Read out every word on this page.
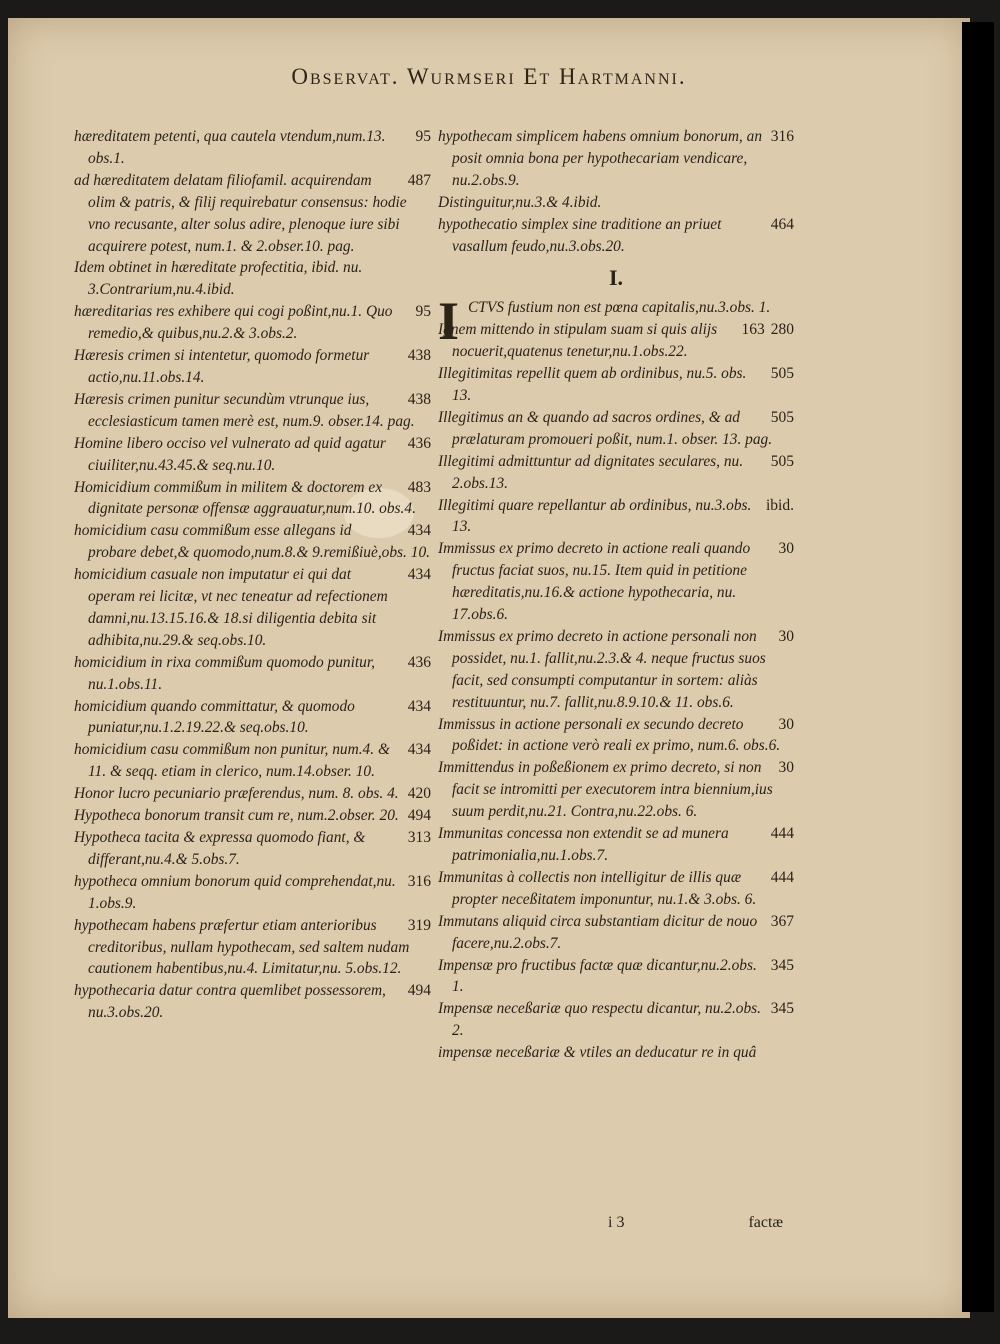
Observat. Wurmseri Et Hartmanni.

95
hæreditatem petenti, qua cautela vtendum,num.13. obs.1.

487
ad hæreditatem delatam filiofamil. acquirendam olim & patris, & filij requirebatur consensus: hodie vno recusante, alter solus adire, plenoque iure sibi acquirere potest, num.1. & 2.obser.10. pag.

Idem obtinet in hæreditate profectitia, ibid. nu. 3.Contrarium,nu.4.ibid.

95
hæreditarias res exhibere qui cogi poßint,nu.1. Quo remedio,& quibus,nu.2.& 3.obs.2.

438
Hæresis crimen si intentetur, quomodo formetur actio,nu.11.obs.14.

438
Hæresis crimen punitur secundùm vtrunque ius, ecclesiasticum tamen merè est, num.9. obser.14. pag.

436
Homine libero occiso vel vulnerato ad quid agatur ciuiliter,nu.43.45.& seq.nu.10.

483
Homicidium commißum in militem & doctorem ex dignitate personæ offensæ aggrauatur,num.10. obs.4.

434
homicidium casu commißum esse allegans id probare debet,& quomodo,num.8.& 9.remißiuè,obs. 10.

434
homicidium casuale non imputatur ei qui dat operam rei licitæ, vt nec teneatur ad refectionem damni,nu.13.15.16.& 18.si diligentia debita sit adhibita,nu.29.& seq.obs.10.

436
homicidium in rixa commißum quomodo punitur, nu.1.obs.11.

434
homicidium quando committatur, & quomodo puniatur,nu.1.2.19.22.& seq.obs.10.

434
homicidium casu commißum non punitur, num.4. & 11. & seqq. etiam in clerico, num.14.obser. 10.

420
Honor lucro pecuniario præferendus, num. 8. obs. 4.

494
Hypotheca bonorum transit cum re, num.2.obser. 20.

313
Hypotheca tacita & expressa quomodo fiant, & differant,nu.4.& 5.obs.7.

316
hypotheca omnium bonorum quid comprehendat,nu. 1.obs.9.

319
hypothecam habens præfertur etiam anterioribus creditoribus, nullam hypothecam, sed saltem nudam cautionem habentibus,nu.4. Limitatur,nu. 5.obs.12.

494
hypothecaria datur contra quemlibet possessorem, nu.3.obs.20.

316
hypothecam simplicem habens omnium bonorum, an posit omnia bona per hypothecariam vendicare, nu.2.obs.9.

Distinguitur,nu.3.& 4.ibid.

464
hypothecatio simplex sine traditione an priuet vasallum feudo,nu.3.obs.20.

I.

I CTVS fustium non est pœna capitalis,nu.3.obs. 1.
280

163
Ignem mittendo in stipulam suam si quis alijs nocuerit,quatenus tenetur,nu.1.obs.22.

505
Illegitimitas repellit quem ab ordinibus, nu.5. obs. 13.

505
Illegitimus an & quando ad sacros ordines, & ad prælaturam promoueri poßit, num.1. obser. 13. pag.

505
Illegitimi admittuntur ad dignitates seculares, nu. 2.obs.13.

ibid.
Illegitimi quare repellantur ab ordinibus, nu.3.obs. 13.

30
Immissus ex primo decreto in actione reali quando fructus faciat suos, nu.15. Item quid in petitione hæreditatis,nu.16.& actione hypothecaria, nu. 17.obs.6.

30
Immissus ex primo decreto in actione personali non possidet, nu.1. fallit,nu.2.3.& 4. neque fructus suos facit, sed consumpti computantur in sortem: aliàs restituuntur, nu.7. fallit,nu.8.9.10.& 11. obs.6.

30
Immissus in actione personali ex secundo decreto poßidet: in actione verò reali ex primo, num.6. obs.6.

30
Immittendus in poßeßionem ex primo decreto, si non facit se intromitti per executorem intra biennium,ius suum perdit,nu.21. Contra,nu.22.obs. 6.

444
Immunitas concessa non extendit se ad munera patrimonialia,nu.1.obs.7.

444
Immunitas à collectis non intelligitur de illis quæ propter neceßitatem imponuntur, nu.1.& 3.obs. 6.

367
Immutans aliquid circa substantiam dicitur de nouo facere,nu.2.obs.7.

345
Impensæ pro fructibus factæ quæ dicantur,nu.2.obs. 1.

345
Impensæ neceßariæ quo respectu dicantur, nu.2.obs. 2.

impensæ neceßariæ & vtiles an deducatur re in quâ

i 3	factæ
